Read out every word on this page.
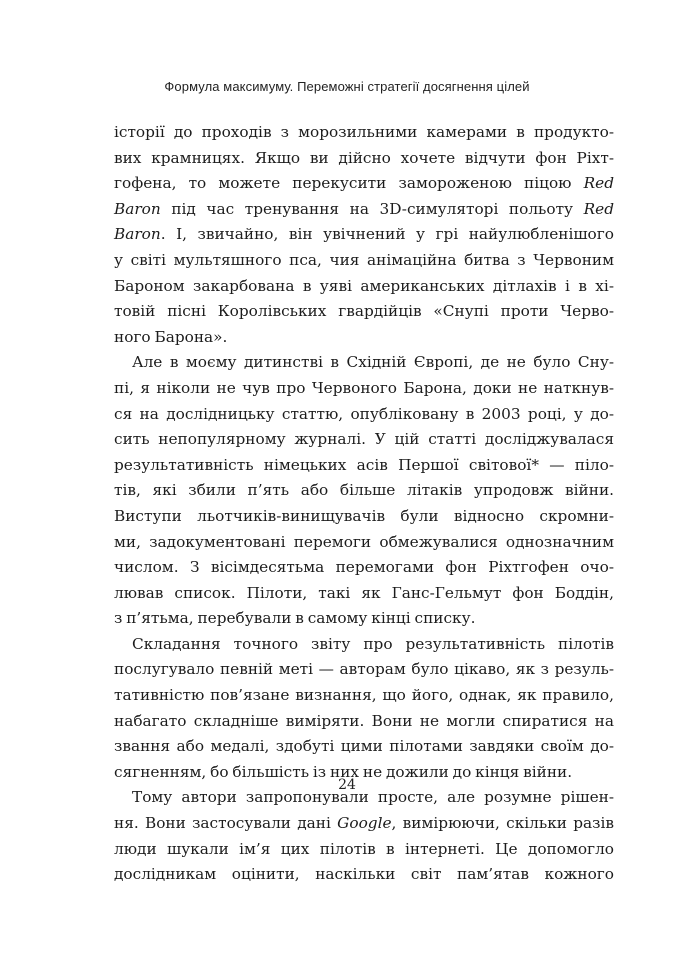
Формула максимуму. Переможні стратегії досягнення цілей
історії до проходів з морозильними камерами в продукто-
вих крамницях. Якщо ви дійсно хочете відчути фон Ріхт-
гофена, то можете перекусити замороженою піцою Red
Baron під час тренування на 3D-симуляторі польоту Red
Baron. І, звичайно, він увічнений у грі найулюбленішого
у світі мультяшного пса, чия анімаційна битва з Червоним
Бароном закарбована в уяві американських дітлахів і в хі-
товій пісні Королівських гвардійців «Снупі проти Черво-
ного Барона».
Але в моєму дитинстві в Східній Європі, де не було Сну-
пі, я ніколи не чув про Червоного Барона, доки не наткнув-
ся на дослідницьку статтю, опубліковану в 2003 році, у до-
сить непопулярному журналі. У цій статті досліджувалася
результативність німецьких асів Першої світової* — піло-
тів, які збили п’ять або більше літаків упродовж війни.
Виступи льотчиків-винищувачів були відносно скромни-
ми, задокументовані перемоги обмежувалися однозначним
числом. З вісімдесятьма перемогами фон Ріхтгофен очо-
лював список. Пілоти, такі як Ганс-Гельмут фон Боддін,
з п’ятьма, перебували в самому кінці списку.
Складання точного звіту про результативність пілотів
послугувало певній меті — авторам було цікаво, як з резуль-
тативністю пов’язане визнання, що його, однак, як правило,
набагато складніше виміряти. Вони не могли спиратися на
звання або медалі, здобуті цими пілотами завдяки своїм до-
сягненням, бо більшість із них не дожили до кінця війни.
Тому автори запропонували просте, але розумне рішен-
ня. Вони застосували дані Google, вимірюючи, скільки разів
люди шукали ім’я цих пілотів в інтернеті. Це допомогло
дослідникам оцінити, наскільки світ пам’ятав кожного
24
